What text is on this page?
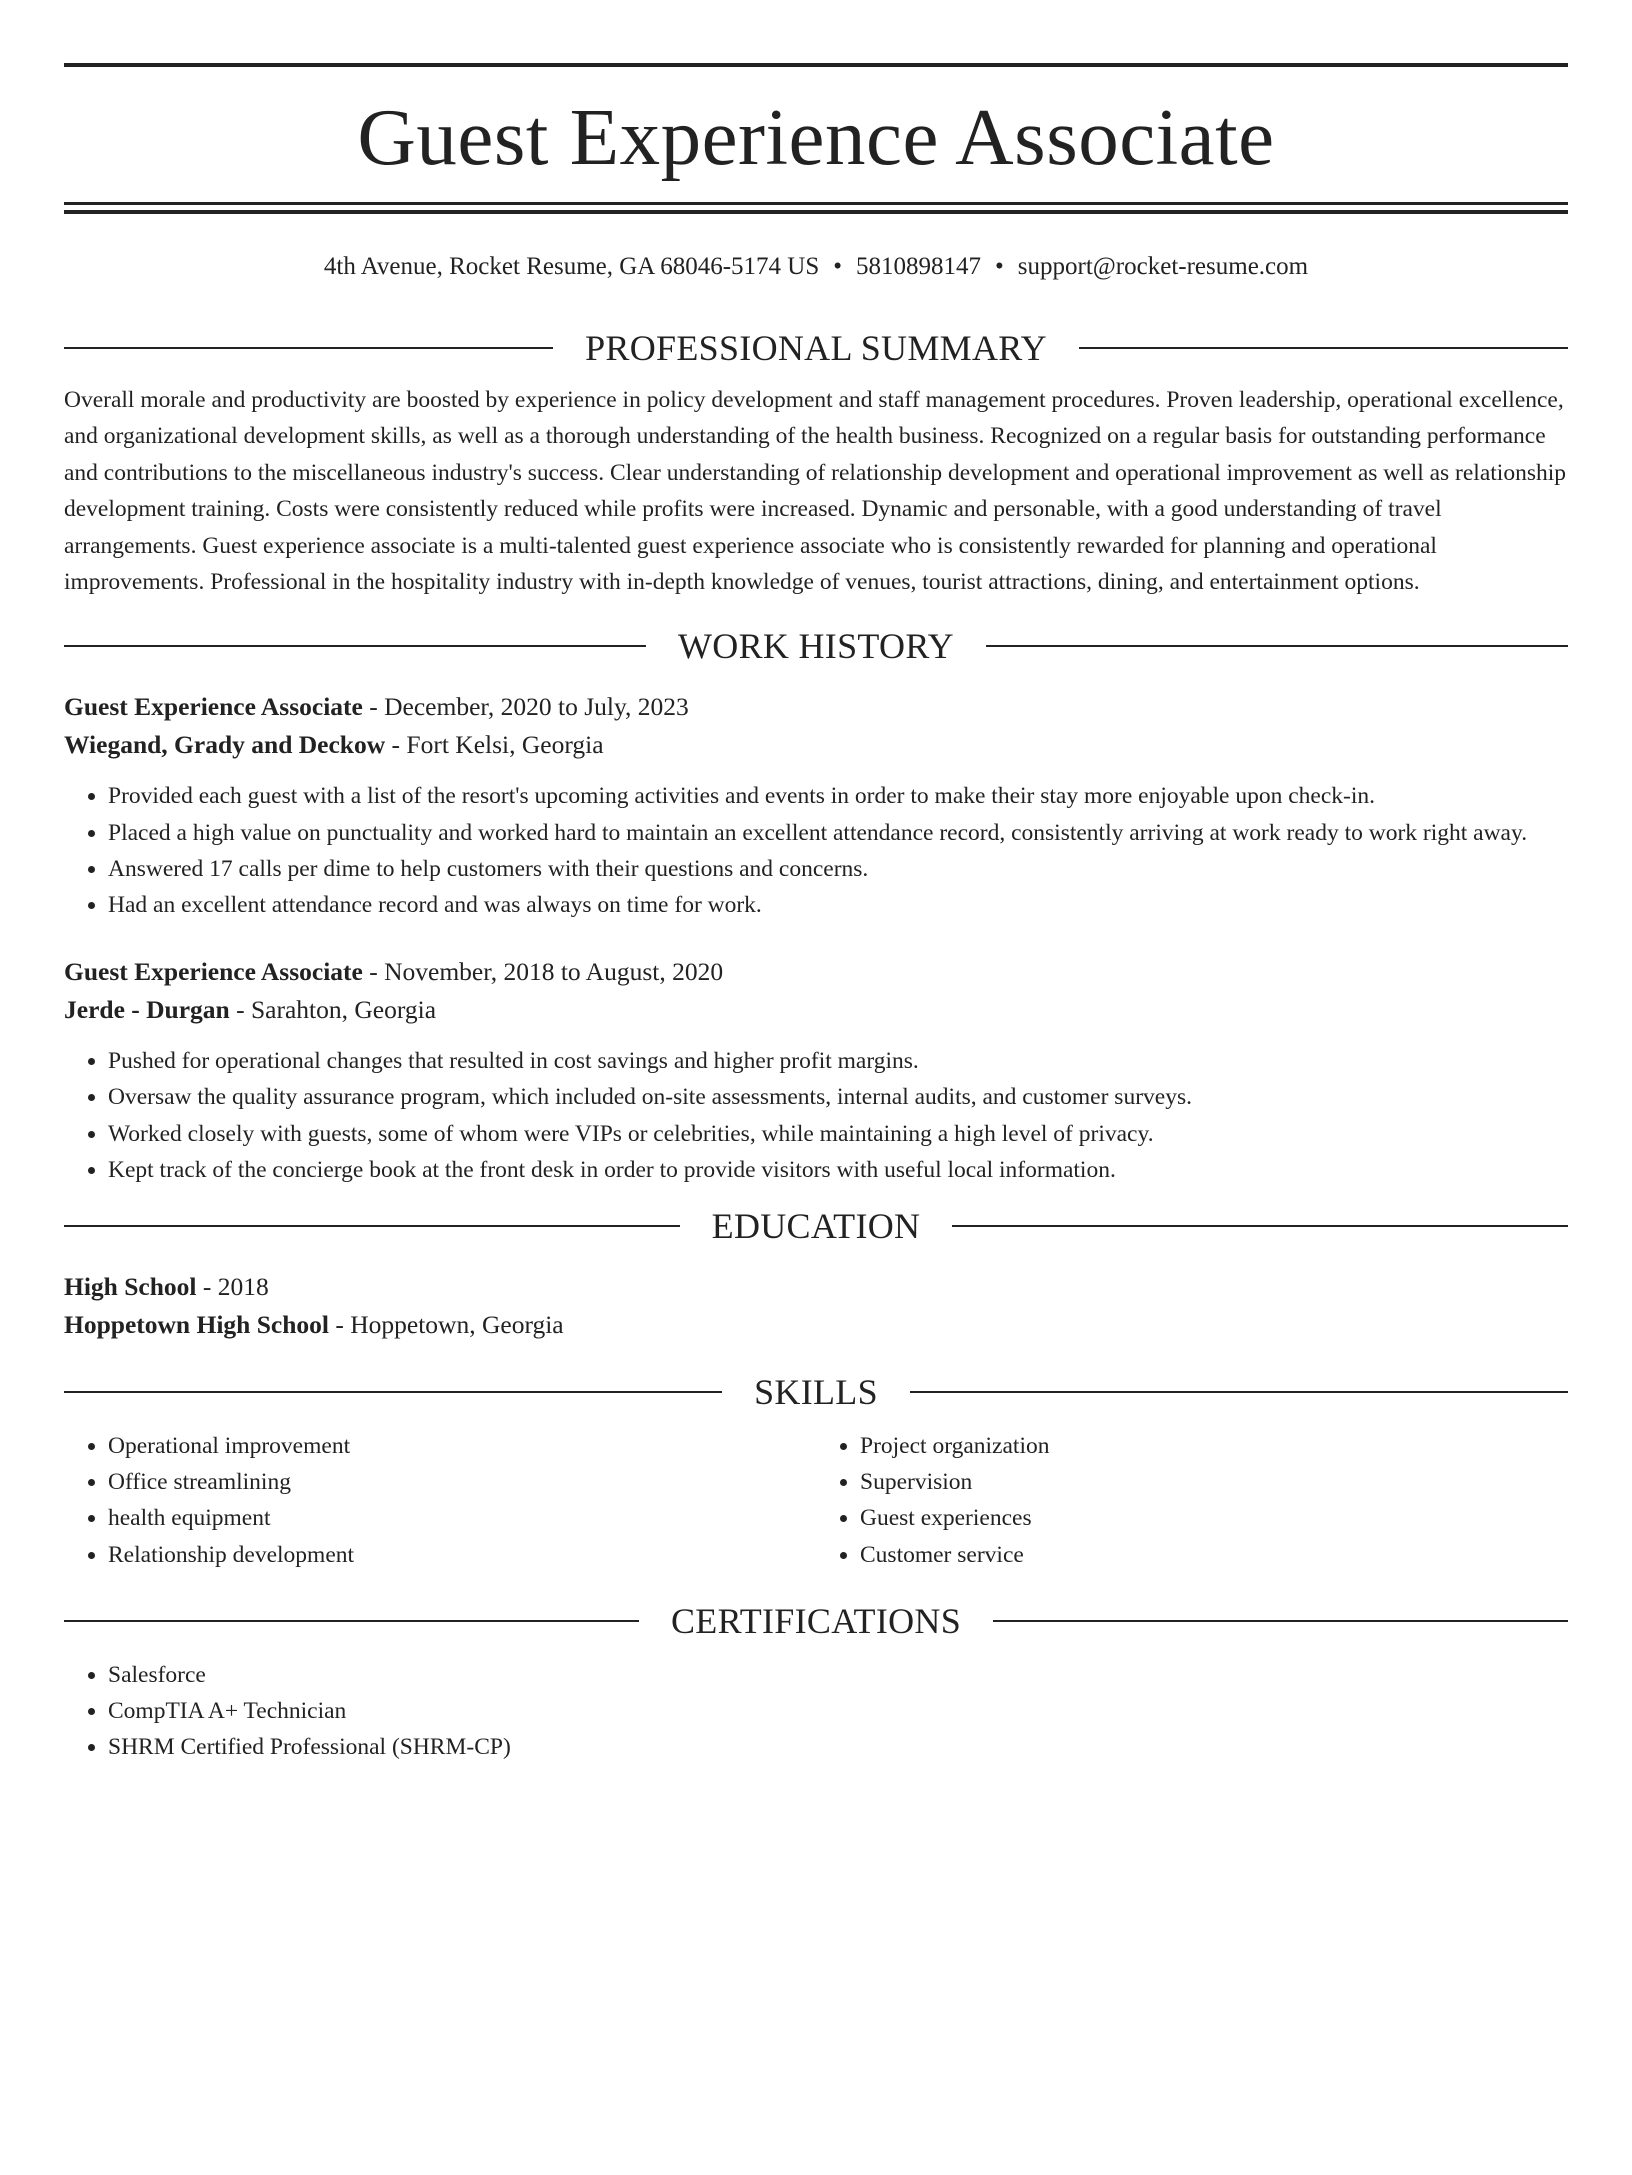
Guest Experience Associate
4th Avenue, Rocket Resume, GA 68046-5174 US • 5810898147 • support@rocket-resume.com
PROFESSIONAL SUMMARY
Overall morale and productivity are boosted by experience in policy development and staff management procedures. Proven leadership, operational excellence, and organizational development skills, as well as a thorough understanding of the health business. Recognized on a regular basis for outstanding performance and contributions to the miscellaneous industry's success. Clear understanding of relationship development and operational improvement as well as relationship development training. Costs were consistently reduced while profits were increased. Dynamic and personable, with a good understanding of travel arrangements. Guest experience associate is a multi-talented guest experience associate who is consistently rewarded for planning and operational improvements. Professional in the hospitality industry with in-depth knowledge of venues, tourist attractions, dining, and entertainment options.
WORK HISTORY
Guest Experience Associate - December, 2020 to July, 2023
Wiegand, Grady and Deckow - Fort Kelsi, Georgia
• Provided each guest with a list of the resort's upcoming activities and events in order to make their stay more enjoyable upon check-in.
• Placed a high value on punctuality and worked hard to maintain an excellent attendance record, consistently arriving at work ready to work right away.
• Answered 17 calls per dime to help customers with their questions and concerns.
• Had an excellent attendance record and was always on time for work.
Guest Experience Associate - November, 2018 to August, 2020
Jerde - Durgan - Sarahton, Georgia
• Pushed for operational changes that resulted in cost savings and higher profit margins.
• Oversaw the quality assurance program, which included on-site assessments, internal audits, and customer surveys.
• Worked closely with guests, some of whom were VIPs or celebrities, while maintaining a high level of privacy.
• Kept track of the concierge book at the front desk in order to provide visitors with useful local information.
EDUCATION
High School - 2018
Hoppetown High School - Hoppetown, Georgia
SKILLS
• Operational improvement
• Office streamlining
• health equipment
• Relationship development
• Project organization
• Supervision
• Guest experiences
• Customer service
CERTIFICATIONS
• Salesforce
• CompTIA A+ Technician
• SHRM Certified Professional (SHRM-CP)
